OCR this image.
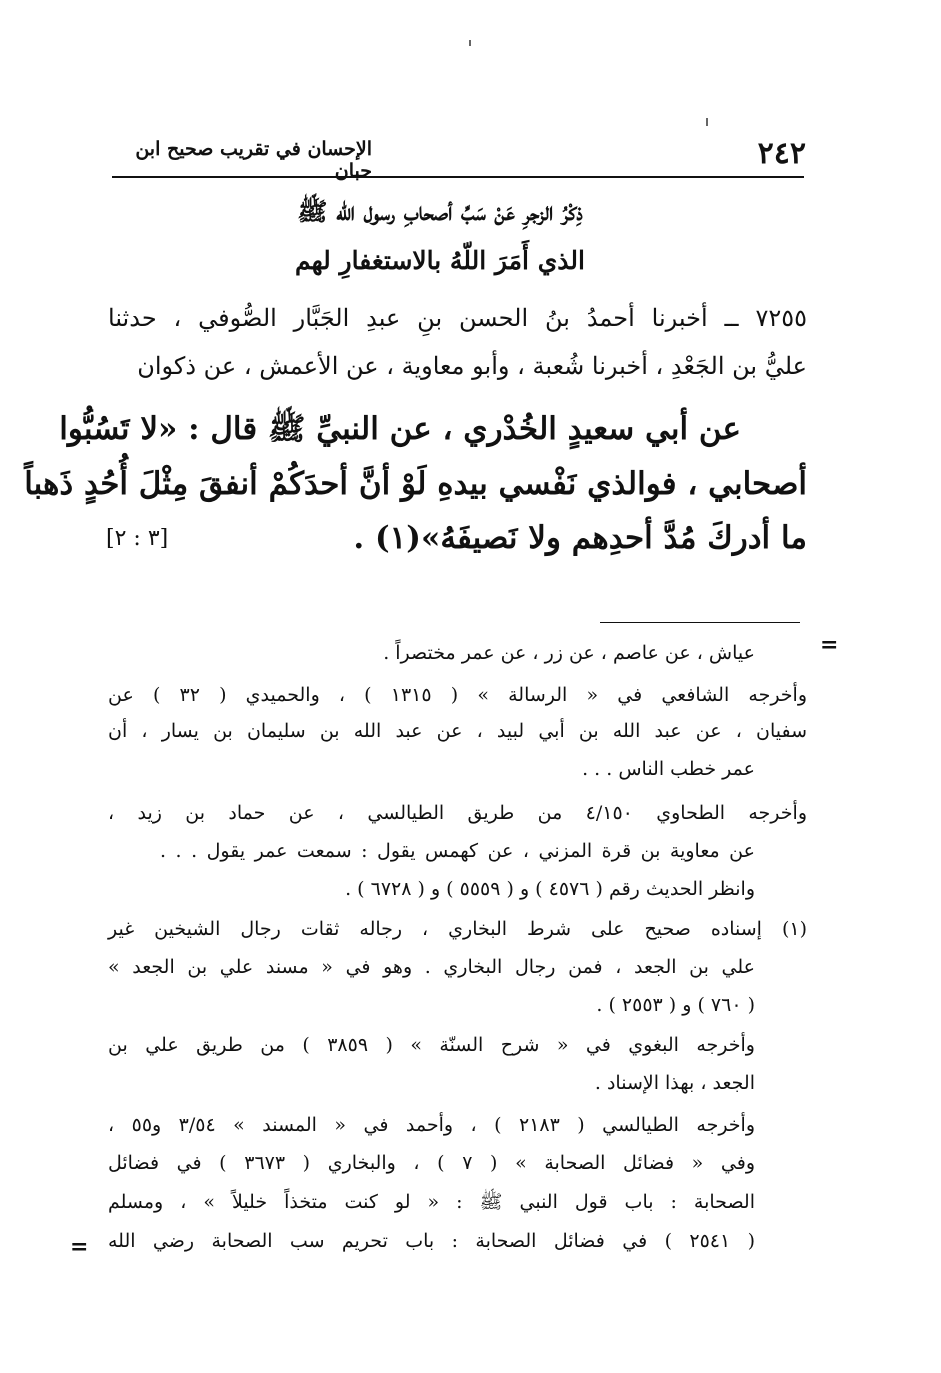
٢٤٢
الإحسان في تقريب صحيح ابن حبان
ذِكْرُ الزجرِ عَنْ سَبِّ أصحابِ رسول الله ﷺ
الذي أَمَرَ اللّهُ بالاستغفارِ لهم
٧٢٥٥ ــ أخبرنا أحمدُ بنُ الحسن بنِ عبدِ الجَبَّار الصُّوفي ، حدثنا
عليُّ بن الجَعْدِ ، أخبرنا شُعبة ، وأبو معاوية ، عن الأعمش ، عن ذكوان
عن أبي سعيدٍ الخُدْري ، عن النبيِّ ﷺ قال : «لا تَسُبُّوا
أصحابي ، فوالذي نَفْسي بيدهِ لَوْ أنَّ أحدَكُمْ أنفقَ مِثْلَ أُحُدٍ ذَهباً
ما أدركَ مُدَّ أحدِهم ولا نَصيفَهُ»(١) .
[٣ : ٢]
=
عياش ، عن عاصم ، عن زر ، عن عمر مختصراً .
وأخرجه الشافعي في « الرسالة » ( ١٣١٥ ) ، والحميدي ( ٣٢ ) عن
سفيان ، عن عبد الله بن أبي لبيد ، عن عبد الله بن سليمان بن يسار ، أن
عمر خطب الناس . . .
وأخرجه الطحاوي ٤/١٥٠ من طريق الطيالسي ، عن حماد بن زيد ،
عن معاوية بن قرة المزني ، عن كهمس يقول : سمعت عمر يقول . . .
وانظر الحديث رقم ( ٤٥٧٦ ) و ( ٥٥٥٩ ) و ( ٦٧٢٨ ) .
(١) إسناده صحيح على شرط البخاري ، رجاله ثقات رجال الشيخين غير
علي بن الجعد ، فمن رجال البخاري . وهو في « مسند علي بن الجعد »
( ٧٦٠ ) و ( ٢٥٥٣ ) .
وأخرجه البغوي في « شرح السنّة » ( ٣٨٥٩ ) من طريق علي بن
الجعد ، بهذا الإسناد .
وأخرجه الطيالسي ( ٢١٨٣ ) ، وأحمد في « المسند » ٣/٥٤ و٥٥ ،
وفي « فضائل الصحابة » ( ٧ ) ، والبخاري ( ٣٦٧٣ ) في فضائل
الصحابة : باب قول النبي ﷺ : « لو كنت متخذاً خليلاً » ، ومسلم
( ٢٥٤١ ) في فضائل الصحابة : باب تحريم سب الصحابة رضي الله
=
